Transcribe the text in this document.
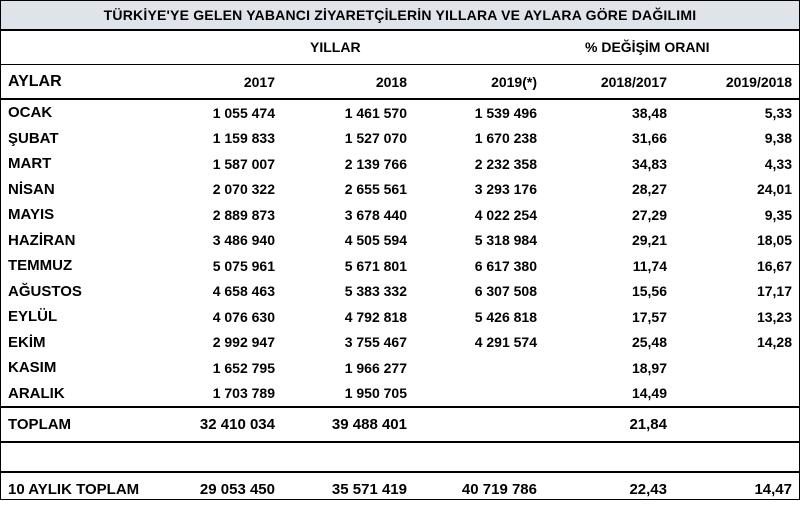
TÜRKİYE'YE GELEN YABANCI ZİYARETÇİLERİN YILLARA VE AYLARA GÖRE DAĞILIMI
YILLAR	% DEĞİŞİM ORANI
AYLAR	2017	2018	2019(*)	2018/2017	2019/2018
OCAK	1 055 474	1 461 570	1 539 496	38,48	5,33
ŞUBAT	1 159 833	1 527 070	1 670 238	31,66	9,38
MART	1 587 007	2 139 766	2 232 358	34,83	4,33
NİSAN	2 070 322	2 655 561	3 293 176	28,27	24,01
MAYIS	2 889 873	3 678 440	4 022 254	27,29	9,35
HAZİRAN	3 486 940	4 505 594	5 318 984	29,21	18,05
TEMMUZ	5 075 961	5 671 801	6 617 380	11,74	16,67
AĞUSTOS	4 658 463	5 383 332	6 307 508	15,56	17,17
EYLÜL	4 076 630	4 792 818	5 426 818	17,57	13,23
EKİM	2 992 947	3 755 467	4 291 574	25,48	14,28
KASIM	1 652 795	1 966 277		18,97	
ARALIK	1 703 789	1 950 705		14,49	
TOPLAM	32 410 034	39 488 401		21,84	

10 AYLIK TOPLAM	29 053 450	35 571 419	40 719 786	22,43	14,47
